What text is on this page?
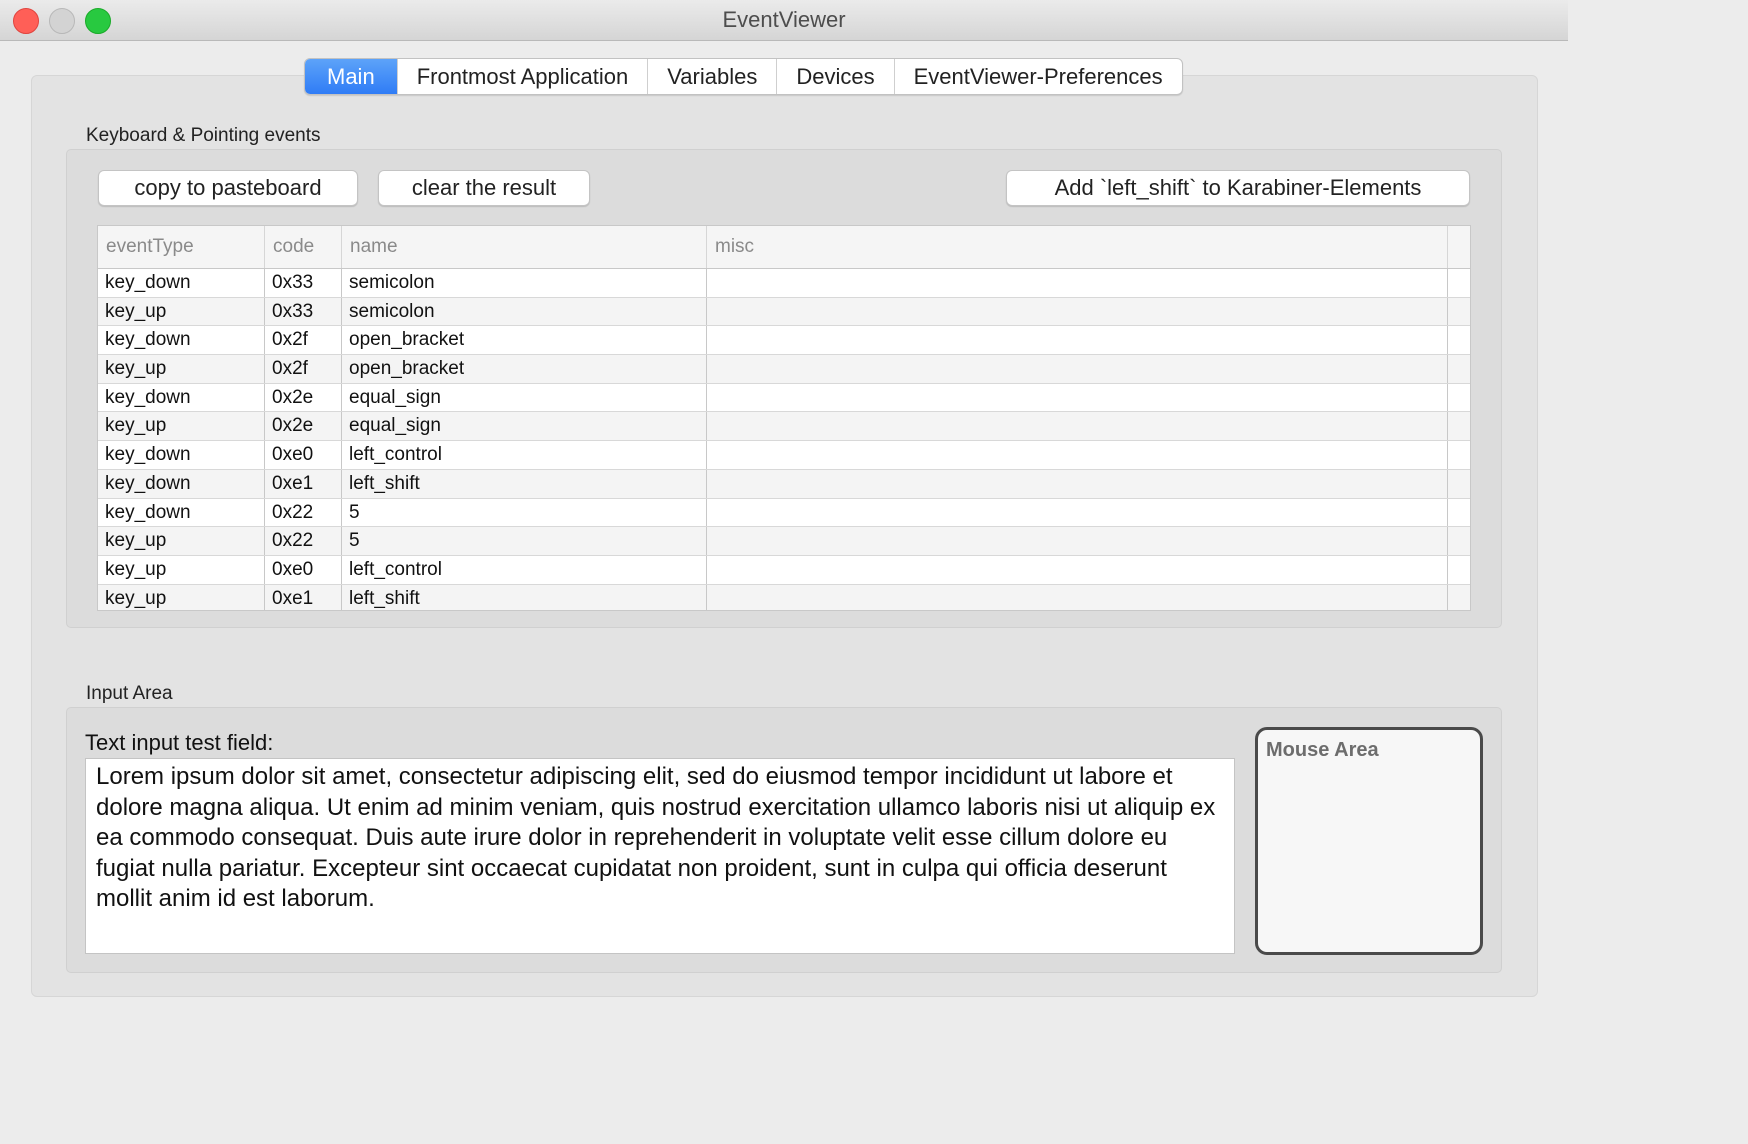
EventViewer
Main	Frontmost Application	Variables	Devices	EventViewer-Preferences
Keyboard & Pointing events
copy to pasteboard	clear the result	Add `left_shift` to Karabiner-Elements
eventType	code	name	misc
key_down	0x33	semicolon
key_up	0x33	semicolon
key_down	0x2f	open_bracket
key_up	0x2f	open_bracket
key_down	0x2e	equal_sign
key_up	0x2e	equal_sign
key_down	0xe0	left_control
key_down	0xe1	left_shift
key_down	0x22	5
key_up	0x22	5
key_up	0xe0	left_control
key_up	0xe1	left_shift
Input Area
Text input test field:
Lorem ipsum dolor sit amet, consectetur adipiscing elit, sed do eiusmod tempor incididunt ut labore et dolore magna aliqua. Ut enim ad minim veniam, quis nostrud exercitation ullamco laboris nisi ut aliquip ex ea commodo consequat. Duis aute irure dolor in reprehenderit in voluptate velit esse cillum dolore eu fugiat nulla pariatur. Excepteur sint occaecat cupidatat non proident, sunt in culpa qui officia deserunt mollit anim id est laborum.
Mouse Area
